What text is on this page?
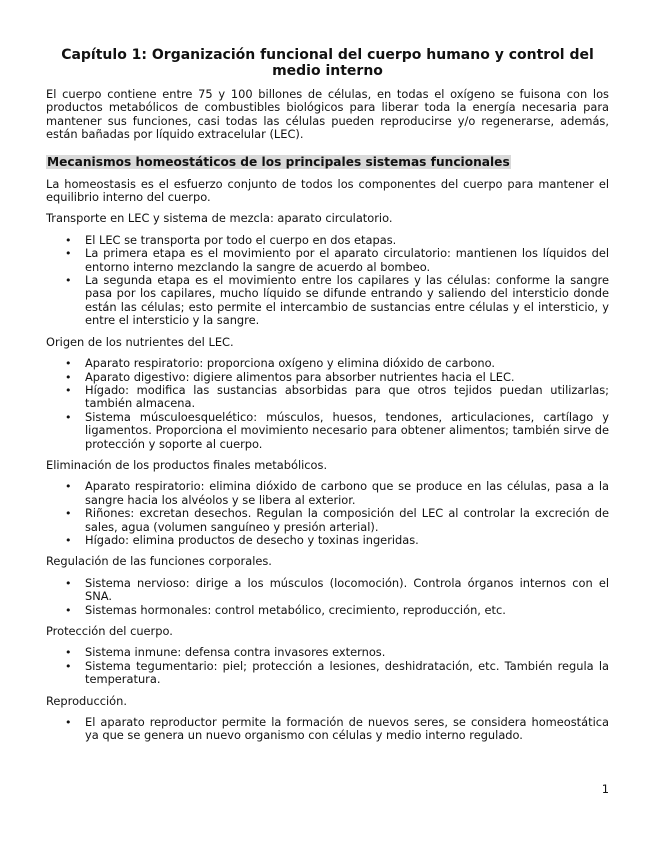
Capítulo 1: Organización funcional del cuerpo humano y control del medio interno

El cuerpo contiene entre 75 y 100 billones de células, en todas el oxígeno se fuisona con los productos metabólicos de combustibles biológicos para liberar toda la energía necesaria para mantener sus funciones, casi todas las células pueden reproducirse y/o regenerarse, además, están bañadas por líquido extracelular (LEC).

Mecanismos homeostáticos de los principales sistemas funcionales

La homeostasis es el esfuerzo conjunto de todos los componentes del cuerpo para mantener el equilibrio interno del cuerpo.

Transporte en LEC y sistema de mezcla: aparato circulatorio.

• El LEC se transporta por todo el cuerpo en dos etapas.
• La primera etapa es el movimiento por el aparato circulatorio: mantienen los líquidos del entorno interno mezclando la sangre de acuerdo al bombeo.
• La segunda etapa es el movimiento entre los capilares y las células: conforme la sangre pasa por los capilares, mucho líquido se difunde entrando y saliendo del intersticio donde están las células; esto permite el intercambio de sustancias entre células y el intersticio, y entre el intersticio y la sangre.

Origen de los nutrientes del LEC.

• Aparato respiratorio: proporciona oxígeno y elimina dióxido de carbono.
• Aparato digestivo: digiere alimentos para absorber nutrientes hacia el LEC.
• Hígado: modifica las sustancias absorbidas para que otros tejidos puedan utilizarlas; también almacena.
• Sistema músculoesquelético: músculos, huesos, tendones, articulaciones, cartílago y ligamentos. Proporciona el movimiento necesario para obtener alimentos; también sirve de protección y soporte al cuerpo.

Eliminación de los productos finales metabólicos.

• Aparato respiratorio: elimina dióxido de carbono que se produce en las células, pasa a la sangre hacia los alvéolos y se libera al exterior.
• Riñones: excretan desechos. Regulan la composición del LEC al controlar la excreción de sales, agua (volumen sanguíneo y presión arterial).
• Hígado: elimina productos de desecho y toxinas ingeridas.

Regulación de las funciones corporales.

• Sistema nervioso: dirige a los músculos (locomoción). Controla órganos internos con el SNA.
• Sistemas hormonales: control metabólico, crecimiento, reproducción, etc.

Protección del cuerpo.

• Sistema inmune: defensa contra invasores externos.
• Sistema tegumentario: piel; protección a lesiones, deshidratación, etc. También regula la temperatura.

Reproducción.

• El aparato reproductor permite la formación de nuevos seres, se considera homeostática ya que se genera un nuevo organismo con células y medio interno regulado.
1
